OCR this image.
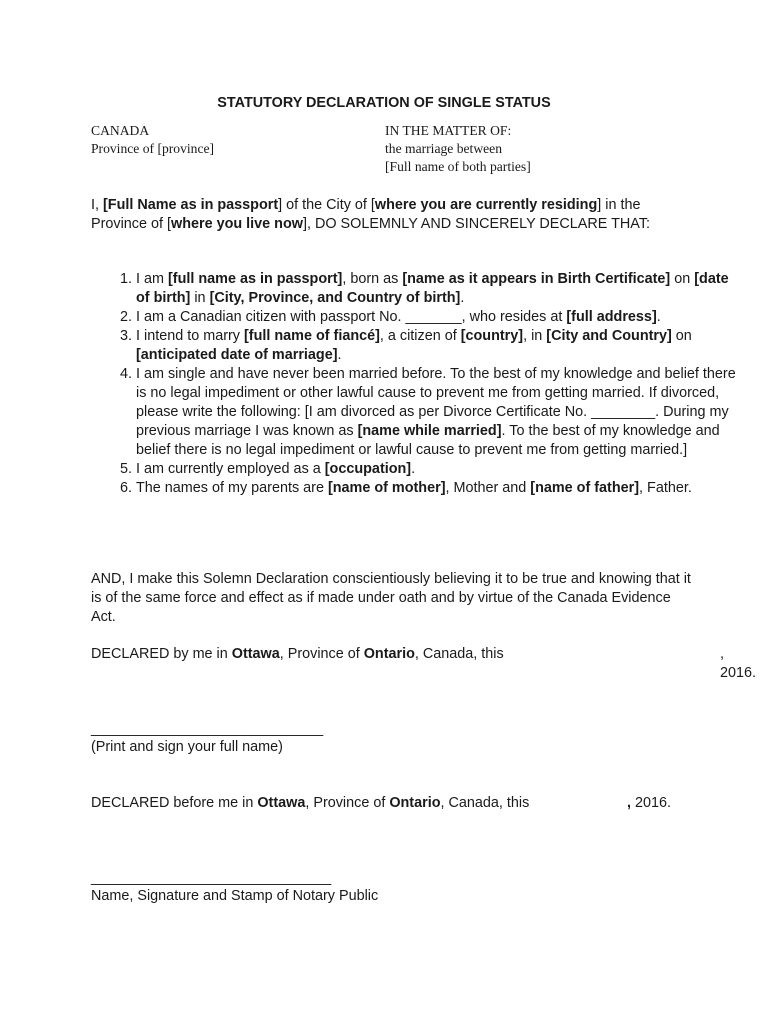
STATUTORY DECLARATION OF SINGLE STATUS
CANADA
Province of [province]
IN THE MATTER OF:
the marriage between
[Full name of both parties]
I, [Full Name as in passport] of the City of [where you are currently residing] in the Province of [where you live now], DO SOLEMNLY AND SINCERELY DECLARE THAT:
1. I am [full name as in passport], born as [name as it appears in Birth Certificate] on [date of birth] in [City, Province, and Country of birth].
2. I am a Canadian citizen with passport No. _______, who resides at [full address].
3. I intend to marry [full name of fiancé], a citizen of [country], in [City and Country] on [anticipated date of marriage].
4. I am single and have never been married before. To the best of my knowledge and belief there is no legal impediment or other lawful cause to prevent me from getting married. If divorced, please write the following: [I am divorced as per Divorce Certificate No. ________. During my previous marriage I was known as [name while married]. To the best of my knowledge and belief there is no legal impediment or lawful cause to prevent me from getting married.]
5. I am currently employed as a [occupation].
6. The names of my parents are [name of mother], Mother and [name of father], Father.
AND, I make this Solemn Declaration conscientiously believing it to be true and knowing that it is of the same force and effect as if made under oath and by virtue of the Canada Evidence Act.
DECLARED by me in Ottawa, Province of Ontario, Canada, this	, 2016.
_____________________________
(Print and sign your full name)
DECLARED before me in Ottawa, Province of Ontario, Canada, this	, 2016.
______________________________
Name, Signature and Stamp of Notary Public
